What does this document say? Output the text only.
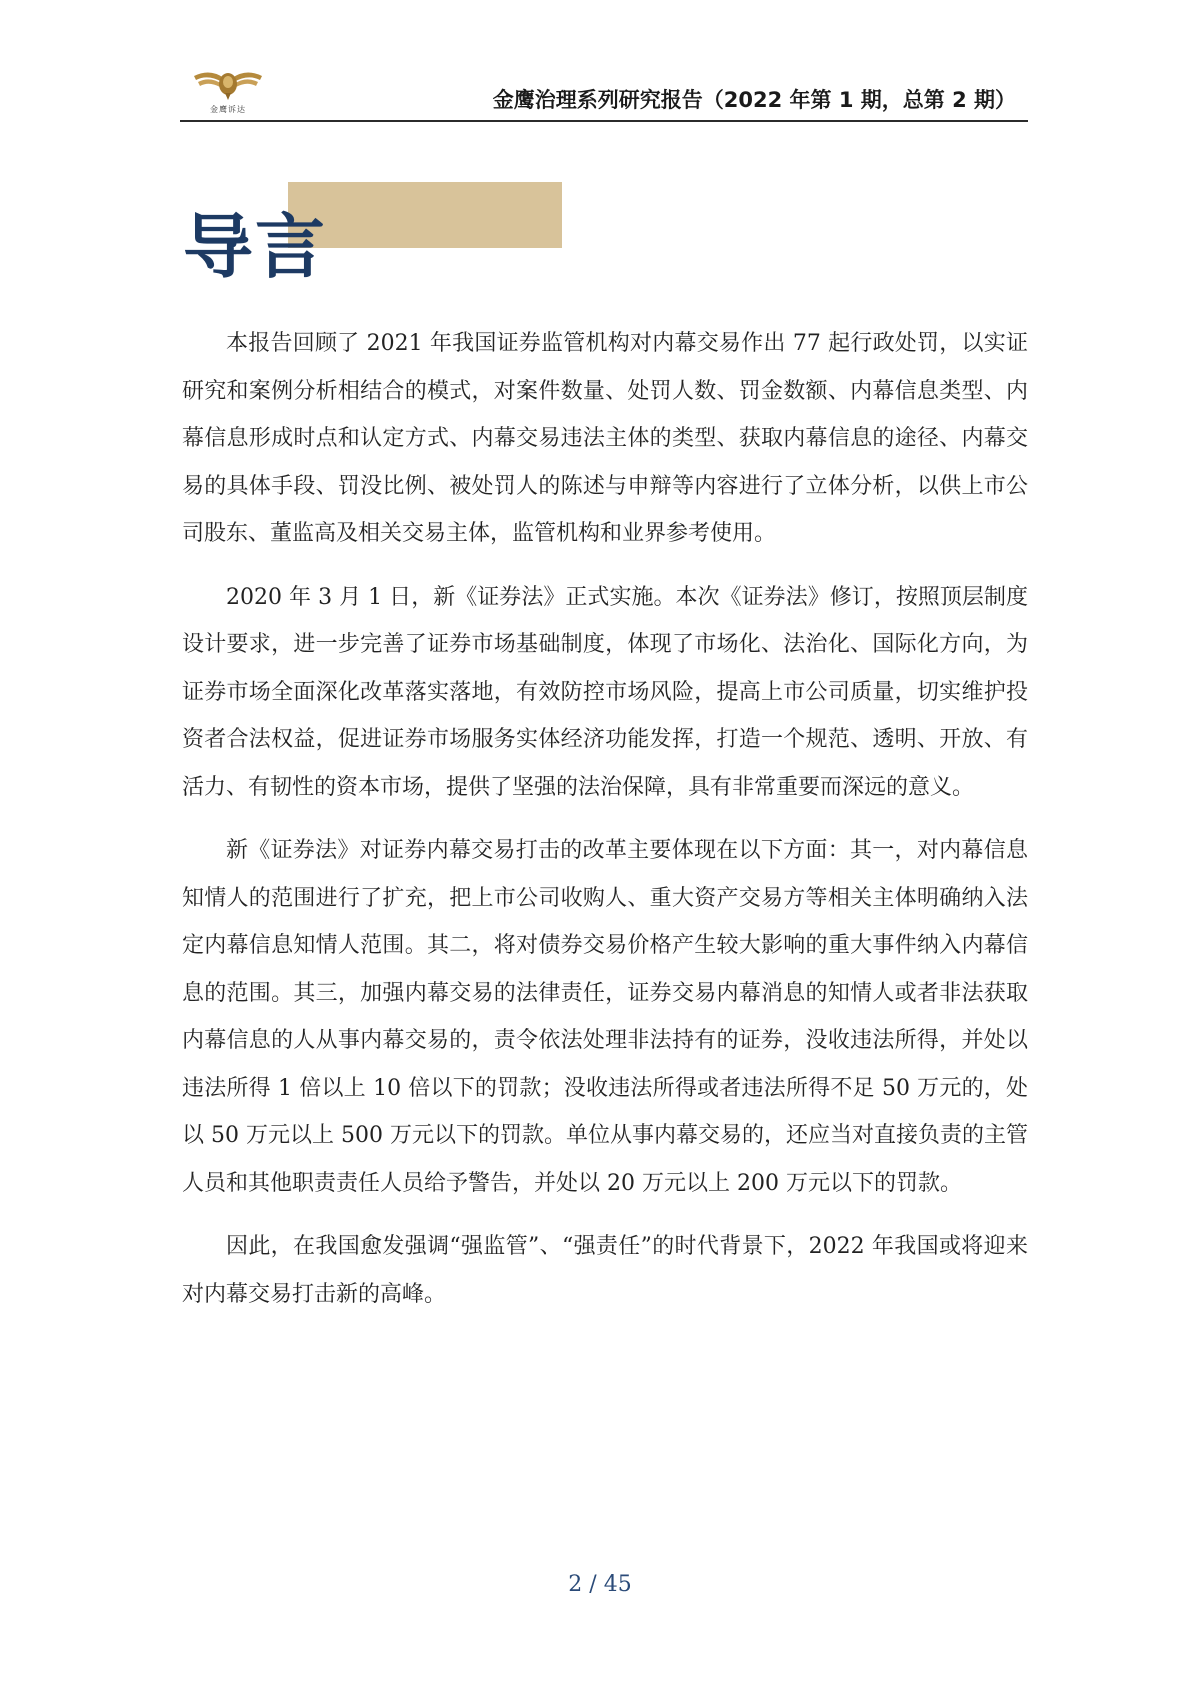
金鹰诉达	金鹰治理系列研究报告（2022 年第 1 期，总第 2 期）
导言

本报告回顾了 2021 年我国证券监管机构对内幕交易作出 77 起行政处罚，以实证研究和案例分析相结合的模式，对案件数量、处罚人数、罚金数额、内幕信息类型、内幕信息形成时点和认定方式、内幕交易违法主体的类型、获取内幕信息的途径、内幕交易的具体手段、罚没比例、被处罚人的陈述与申辩等内容进行了立体分析，以供上市公司股东、董监高及相关交易主体，监管机构和业界参考使用。

2020 年 3 月 1 日，新《证券法》正式实施。本次《证券法》修订，按照顶层制度设计要求，进一步完善了证券市场基础制度，体现了市场化、法治化、国际化方向，为证券市场全面深化改革落实落地，有效防控市场风险，提高上市公司质量，切实维护投资者合法权益，促进证券市场服务实体经济功能发挥，打造一个规范、透明、开放、有活力、有韧性的资本市场，提供了坚强的法治保障，具有非常重要而深远的意义。

新《证券法》对证券内幕交易打击的改革主要体现在以下方面：其一，对内幕信息知情人的范围进行了扩充，把上市公司收购人、重大资产交易方等相关主体明确纳入法定内幕信息知情人范围。其二，将对债券交易价格产生较大影响的重大事件纳入内幕信息的范围。其三，加强内幕交易的法律责任，证券交易内幕消息的知情人或者非法获取内幕信息的人从事内幕交易的，责令依法处理非法持有的证券，没收违法所得，并处以违法所得 1 倍以上 10 倍以下的罚款；没收违法所得或者违法所得不足 50 万元的，处以 50 万元以上 500 万元以下的罚款。单位从事内幕交易的，还应当对直接负责的主管人员和其他职责责任人员给予警告，并处以 20 万元以上 200 万元以下的罚款。

因此，在我国愈发强调“强监管”、“强责任”的时代背景下，2022 年我国或将迎来对内幕交易打击新的高峰。

2 / 45
